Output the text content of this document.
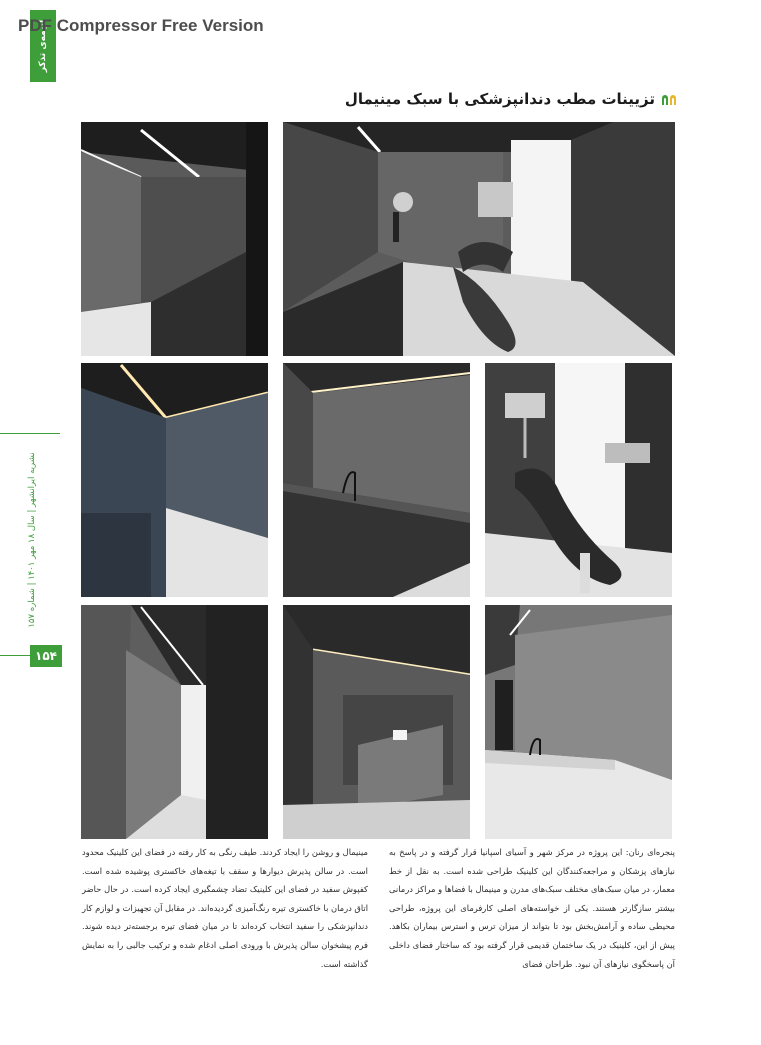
PDF Compressor Free Version
انیمه‌ی تذکر
نشریه ایرانشهر | سال ۱۸ مهر ۱۴۰۱ | شماره ۱۵۷
۱۵۴
تزیینات مطب دندانپزشکی با سبک مینیمال
پنجره‌ای رنان: این پروژه در مرکز شهر و آسیای اسپانیا قرار گرفته و در پاسخ به نیازهای پزشکان و مراجعه‌کنندگان این کلینیک طراحی شده است. به نقل از خط معمار، در میان سبک‌های مختلف سبک‌های مدرن و مینیمال با فضاها و مراکز درمانی بیشتر سازگارتر هستند. یکی از خواسته‌های اصلی کارفرمای این پروژه، طراحی محیطی ساده و آرامش‌بخش بود تا بتواند از میزان ترس و استرس بیماران بکاهد. پیش از این، کلینیک در یک ساختمان قدیمی قرار گرفته بود که ساختار فضای داخلی آن پاسخگوی نیازهای آن نبود. طراحان فضای
مینیمال و روشن را ایجاد کردند. طیف رنگی به کار رفته در فضای این کلینیک محدود است. در سالن پذیرش دیوارها و سقف با تیغه‌های خاکستری پوشیده شده است. کفپوش سفید در فضای این کلینیک تضاد چشمگیری ایجاد کرده است. در حال حاضر اتاق درمان با خاکستری تیره رنگ‌آمیزی گردیده‌اند. در مقابل آن تجهیزات و لوازم کار دندانپزشکی را سفید انتخاب کرده‌اند تا در میان فضای تیره برجسته‌تر دیده شوند. فرم پیشخوان سالن پذیرش با ورودی اصلی ادغام شده و ترکیب جالبی را به نمایش گذاشته است.
